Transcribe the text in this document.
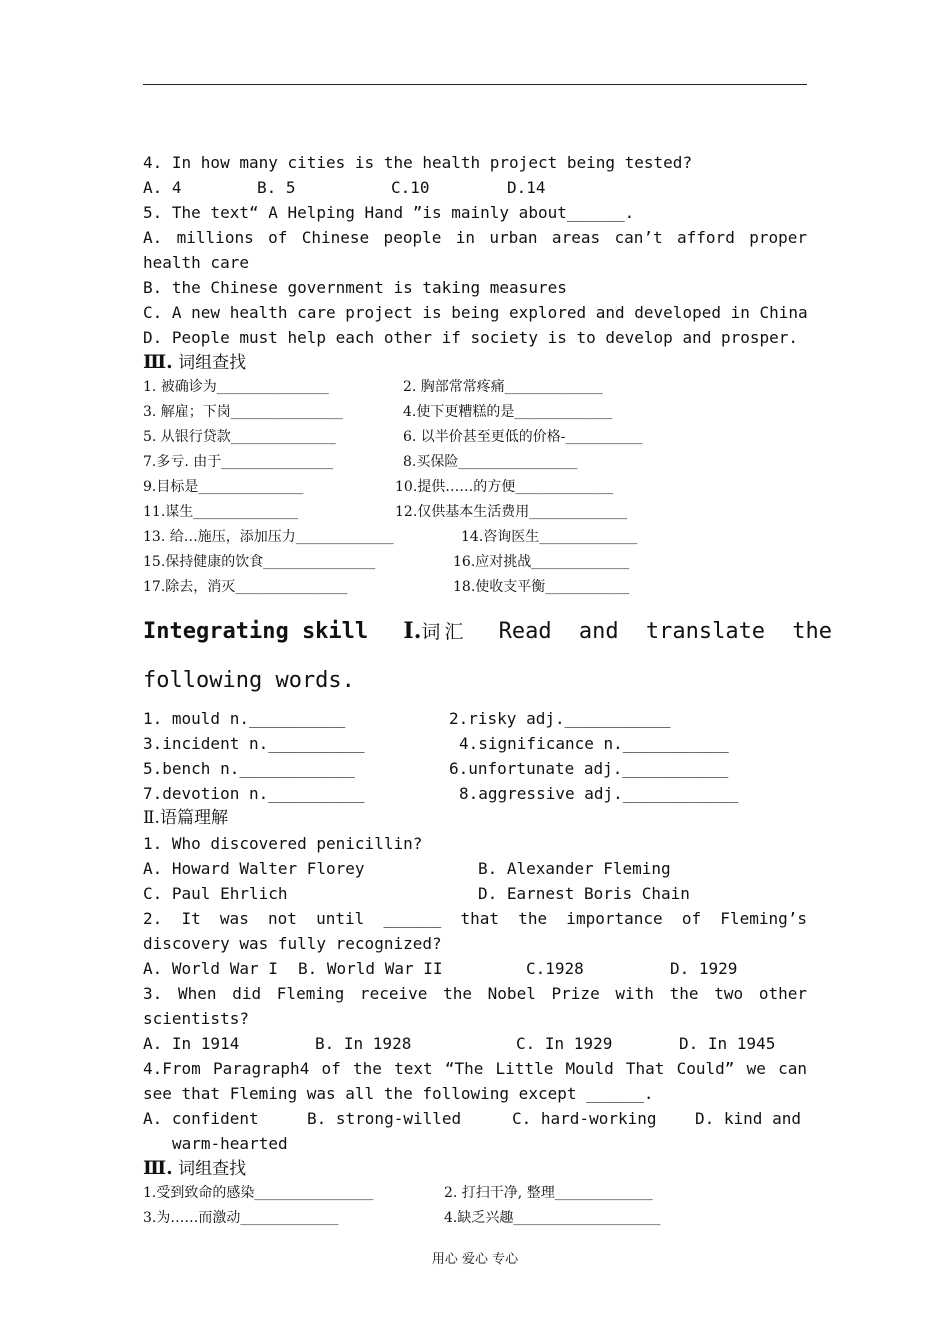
4. In how many cities is the health project being tested?
A. 4	B. 5	C.10	D.14
5. The text“ A Helping Hand ”is mainly about______.
A. millions of Chinese people in urban areas can’t afford proper
health care
B. the Chinese government is taking measures
C. A new health care project is being explored and developed in China
D. People must help each other if society is to develop and prosper.
Ⅲ. 词组查找
1. 被确诊为________________	2. 胸部常常疼痛______________
3. 解雇；下岗________________	4.使下更糟糕的是______________
5. 从银行贷款_______________	6. 以半价甚至更低的价格-___________
7.多亏. 由于________________	8.买保险_________________
9.目标是_______________	10.提供……的方便______________
11.谋生_______________	12.仅供基本生活费用______________
13. 给…施压，添加压力______________	14.咨询医生______________
15.保持健康的饮食________________	16.应对挑战______________
17.除去，消灭________________	18.使收支平衡____________
Integrating skill Ⅰ.词汇 Read and translate the
following words.
1. mould n.__________	2.risky adj.___________
3.incident n.__________	4.significance n.___________
5.bench n.____________	6.unfortunate adj.___________
7.devotion n.__________	8.aggressive adj.____________
Ⅱ.语篇理解
1. Who discovered penicillin?
A. Howard Walter Florey	B. Alexander Fleming
C. Paul Ehrlich	D. Earnest Boris Chain
2. It was not until ______ that the importance of Fleming’s
discovery was fully recognized?
A. World War I B. World War II	C.1928	D. 1929
3. When did Fleming receive the Nobel Prize with the two other
scientists?
A. In 1914	B. In 1928	C. In 1929	D. In 1945
4.From Paragraph4 of the text “The Little Mould That Could” we can
see that Fleming was all the following except ______.
A. confident	B. strong-willed	C. hard-working D. kind and
warm-hearted
Ⅲ. 词组查找
1.受到致命的感染_________________	2. 打扫干净, 整理______________
3.为……而激动______________	4.缺乏兴趣_____________________
用心 爱心 专心
